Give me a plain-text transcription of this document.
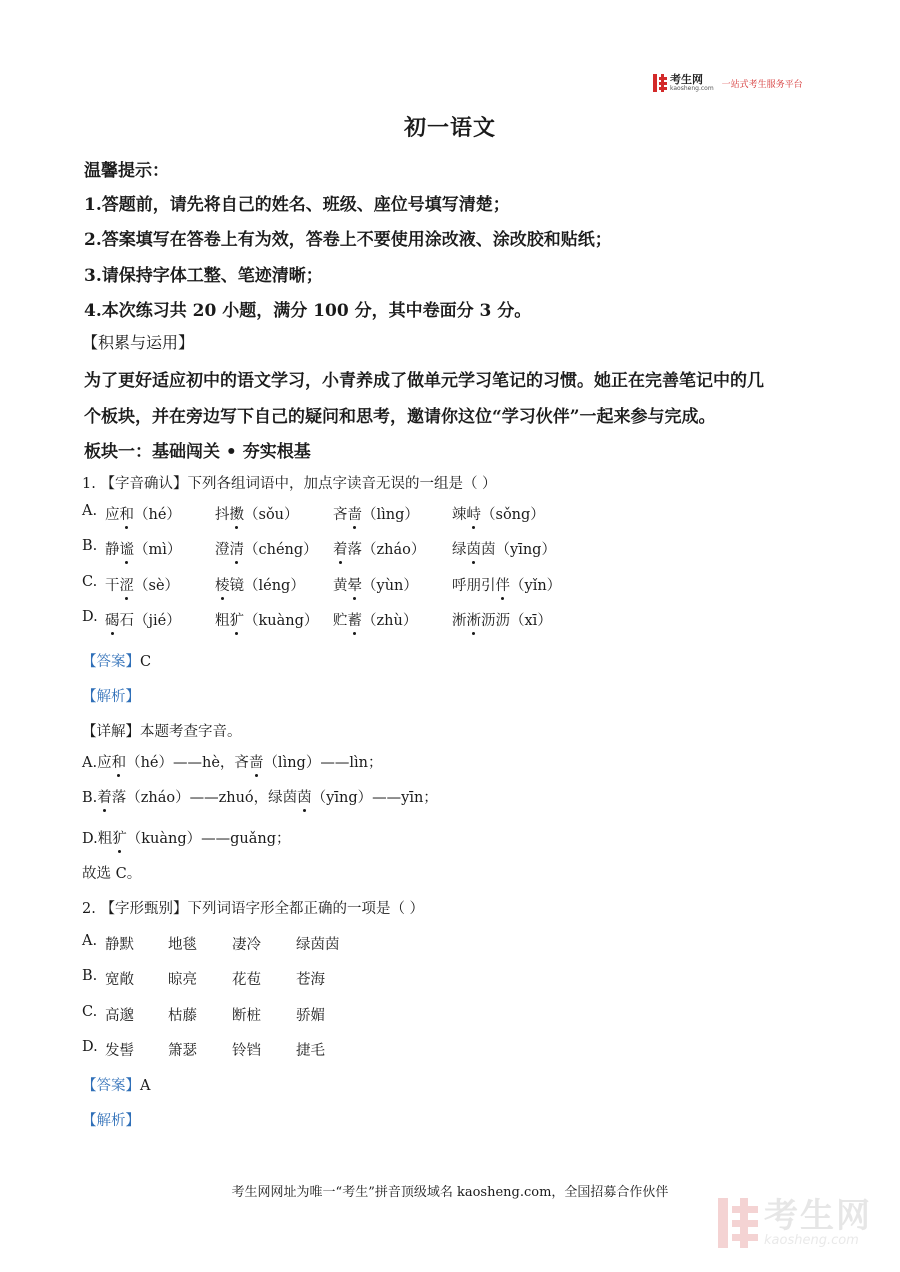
考生网
kaosheng.com 一站式考生服务平台
初一语文
温馨提示：
1.答题前，请先将自己的姓名、班级、座位号填写清楚；
2.答案填写在答卷上有为效，答卷上不要使用涂改液、涂改胶和贴纸；
3.请保持字体工整、笔迹清晰；
4.本次练习共 20 小题，满分 100 分，其中卷面分 3 分。
【积累与运用】
为了更好适应初中的语文学习，小青养成了做单元学习笔记的习惯。她正在完善笔记中的几
个板块，并在旁边写下自己的疑问和思考，邀请你这位“学习伙伴”一起来参与完成。
板块一：基础闯关 • 夯实根基
1. 【字音确认】下列各组词语中，加点字读音无误的一组是（ ）
A. 应和（hé） 抖擞（sǒu） 吝啬（lìng） 竦峙（sǒng）
B. 静谧（mì） 澄清（chéng） 着落（zháo） 绿茵茵（yīng）
C. 干涩（sè） 棱镜（léng） 黄晕（yùn） 呼朋引伴（yǐn）
D. 碣石（jié） 粗犷（kuàng） 贮蓄（zhù） 淅淅沥沥（xī）
【答案】C
【解析】
【详解】本题考查字音。
A.应和（hé）——hè，吝啬（lìng）——lìn；
B.着落（zháo）——zhuó，绿茵茵（yīng）——yīn；
D.粗犷（kuàng）——guǎng；
故选 C。
2. 【字形甄别】下列词语字形全都正确的一项是（ ）
A. 静默 地毯 凄冷 绿茵茵
B. 宽敞 晾亮 花苞 苍海
C. 高邈 枯藤 断桩 骄媚
D. 发髻 箫瑟 铃铛 捷毛
【答案】A
【解析】
考生网网址为唯一“考生”拼音顶级域名 kaosheng.com，全国招募合作伙伴
考生网
kaosheng.com
